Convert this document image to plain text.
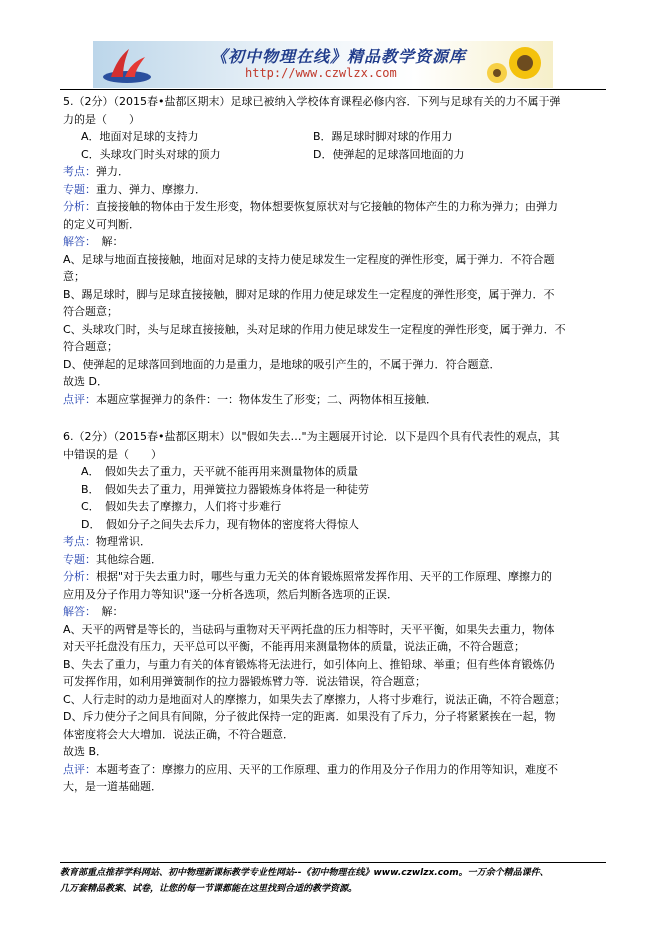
《初中物理在线》精品教学资源库
http://www.czwlzx.com

5.（2分）（2015春•盐都区期末）足球已被纳入学校体育课程必修内容．下列与足球有关的力不属于弹

力的是（　　）

A．地面对足球的支持力	B．踢足球时脚对球的作用力
C．头球攻门时头对球的顶力	D．使弹起的足球落回地面的力

考点：弹力．

专题：重力、弹力、摩擦力．

分析：直接接触的物体由于发生形变，物体想要恢复原状对与它接触的物体产生的力称为弹力；由弹力

的定义可判断．

解答：　 解：

A、足球与地面直接接触，地面对足球的支持力使足球发生一定程度的弹性形变，属于弹力．不符合题

意；

B、踢足球时，脚与足球直接接触，脚对足球的作用力使足球发生一定程度的弹性形变，属于弹力．不

符合题意；

C、头球攻门时，头与足球直接接触，头对足球的作用力使足球发生一定程度的弹性形变，属于弹力．不

符合题意；

D、使弹起的足球落回到地面的力是重力，是地球的吸引产生的，不属于弹力．符合题意．

故选 D．

点评：本题应掌握弹力的条件：一：物体发生了形变；二、两物体相互接触．

6.（2分）（2015春•盐都区期末）以"假如失去…"为主题展开讨论．以下是四个具有代表性的观点，其

中错误的是（　　）

A．　假如失去了重力，天平就不能再用来测量物体的质量

B．　假如失去了重力，用弹簧拉力器锻炼身体将是一种徒劳

C．　假如失去了摩擦力，人们将寸步难行

D．　假如分子之间失去斥力，现有物体的密度将大得惊人

考点：物理常识．

专题：其他综合题．

分析：根据"对于失去重力时，哪些与重力无关的体育锻炼照常发挥作用、天平的工作原理、摩擦力的

应用及分子作用力等知识"逐一分析各选项，然后判断各选项的正误．

解答：　 解：

A、天平的两臂是等长的，当砝码与重物对天平两托盘的压力相等时，天平平衡，如果失去重力，物体

对天平托盘没有压力，天平总可以平衡，不能再用来测量物体的质量，说法正确，不符合题意；

B、失去了重力，与重力有关的体育锻炼将无法进行，如引体向上、推铅球、举重；但有些体育锻炼仍

可发挥作用，如利用弹簧制作的拉力器锻炼臂力等．说法错误，符合题意；

C、人行走时的动力是地面对人的摩擦力，如果失去了摩擦力，人将寸步难行，说法正确，不符合题意；

D、斥力使分子之间具有间隙，分子彼此保持一定的距离．如果没有了斥力，分子将紧紧挨在一起，物

体密度将会大大增加．说法正确，不符合题意．

故选 B．

点评：本题考查了：摩擦力的应用、天平的工作原理、重力的作用及分子作用力的作用等知识，难度不

大，是一道基础题．

教育部重点推荐学科网站、初中物理新课标教学专业性网站--《初中物理在线》www.czwlzx.com。一万余个精品课件、
几万套精品教案、试卷，让您的每一节课都能在这里找到合适的教学资源。
